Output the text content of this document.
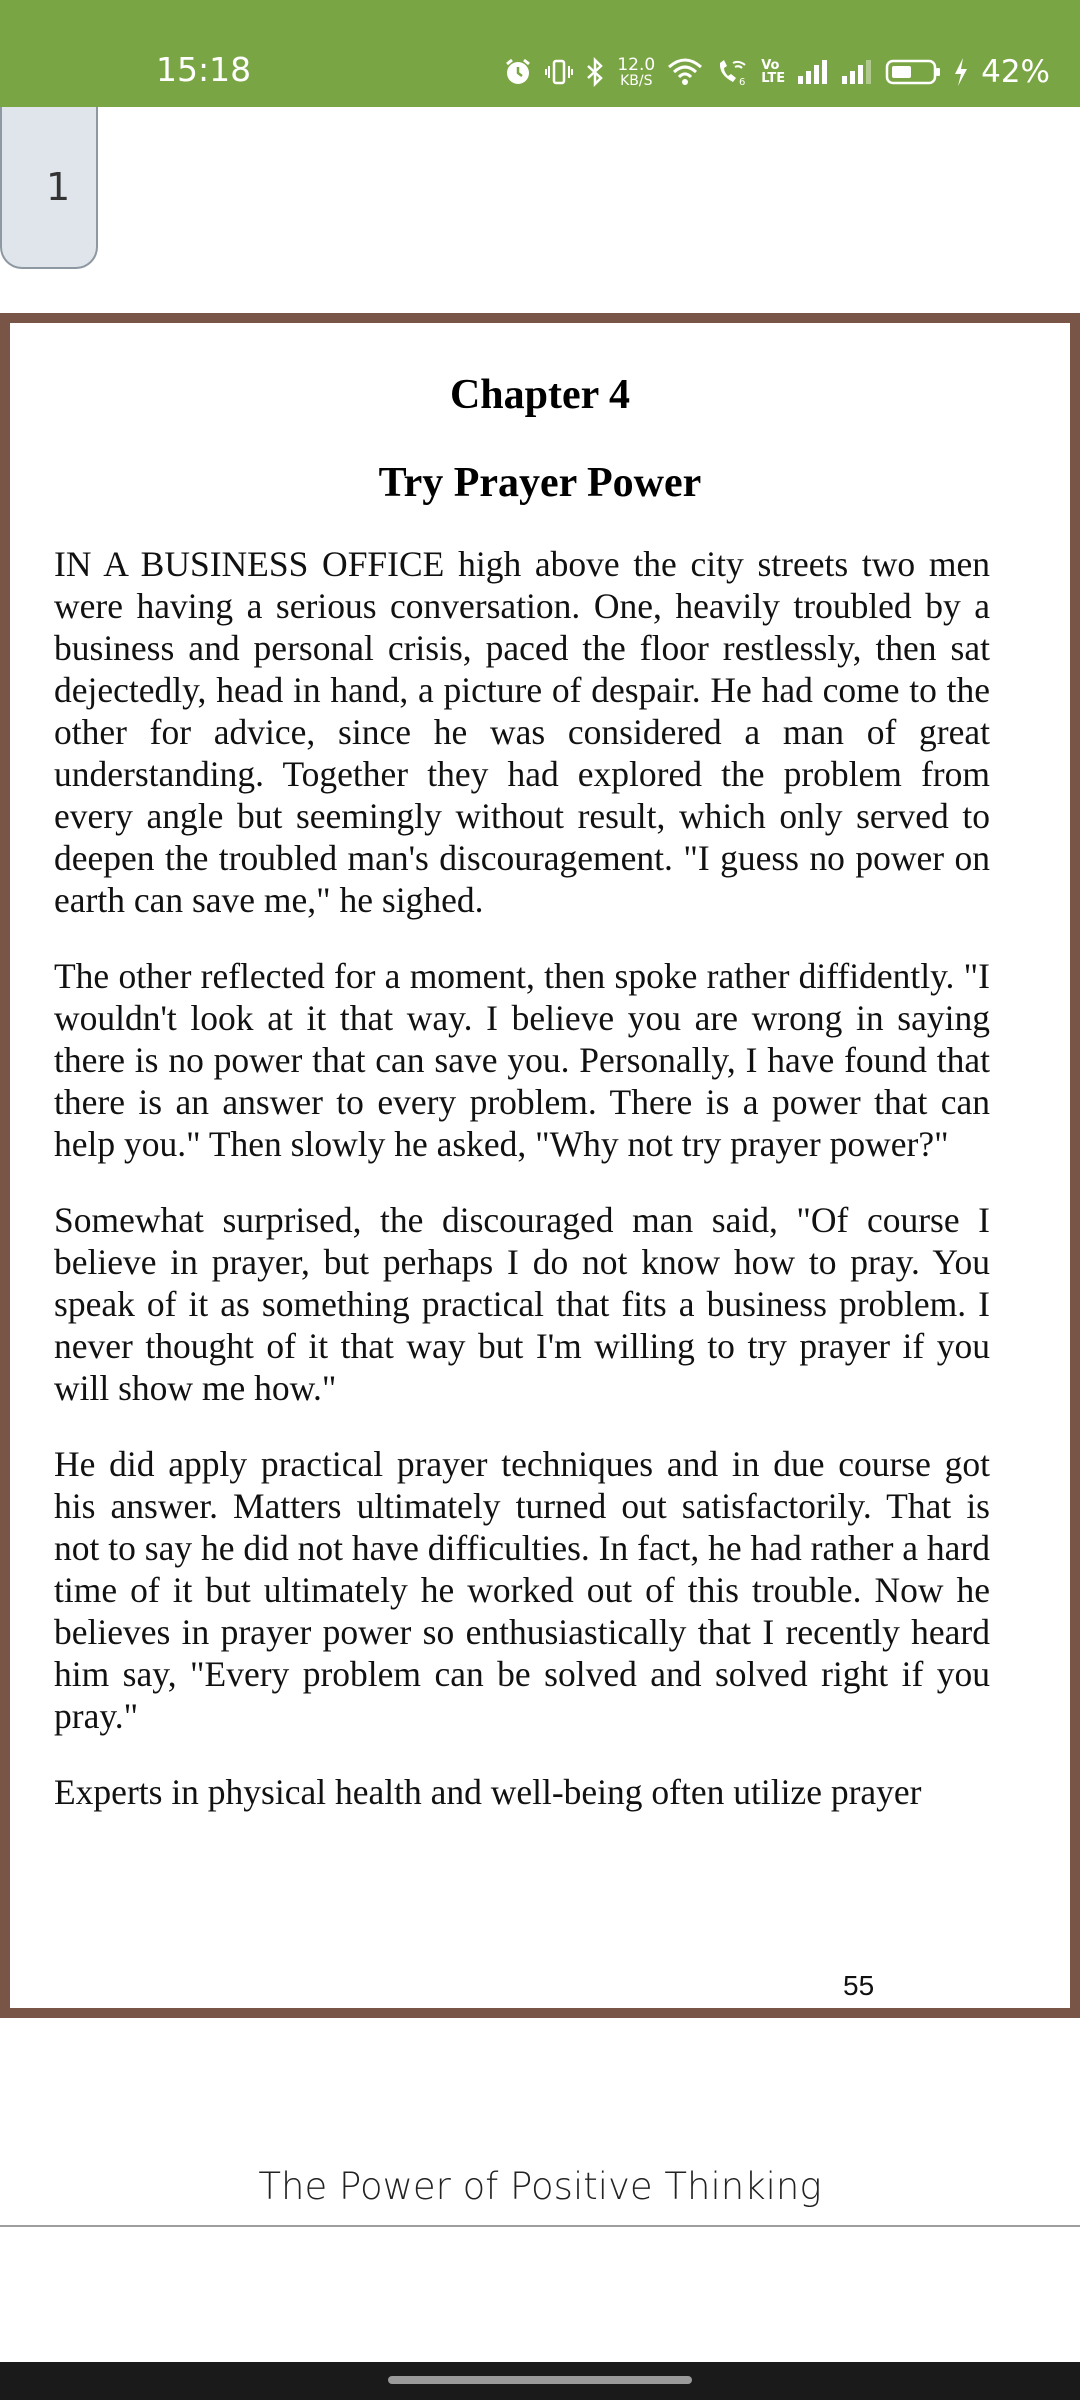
15:18	12.0
KB/S	6
Vo
LTE	42%
1
Chapter 4
Try Prayer Power

IN A BUSINESS OFFICE high above the city streets two men were having a serious conversation. One, heavily troubled by a business and personal crisis, paced the floor restlessly, then sat dejectedly, head in hand, a picture of despair. He had come to the other for advice, since he was considered a man of great understanding. Together they had explored the problem from every angle but seemingly without result, which only served to deepen the troubled man's discouragement. "I guess no power on earth can save me," he sighed.

The other reflected for a moment, then spoke rather diffidently. "I wouldn't look at it that way. I believe you are wrong in saying there is no power that can save you. Personally, I have found that there is an answer to every problem. There is a power that can help you." Then slowly he asked, "Why not try prayer power?"

Somewhat surprised, the discouraged man said, "Of course I believe in prayer, but perhaps I do not know how to pray. You speak of it as something practical that fits a business problem. I never thought of it that way but I'm willing to try prayer if you will show me how."

He did apply practical prayer techniques and in due course got his answer. Matters ultimately turned out satisfactorily. That is not to say he did not have difficulties. In fact, he had rather a hard time of it but ultimately he worked out of this trouble. Now he believes in prayer power so enthusiastically that I recently heard him say, "Every problem can be solved and solved right if you pray."

Experts in physical health and well-being often utilize prayer

55
The Power of Positive Thinking
